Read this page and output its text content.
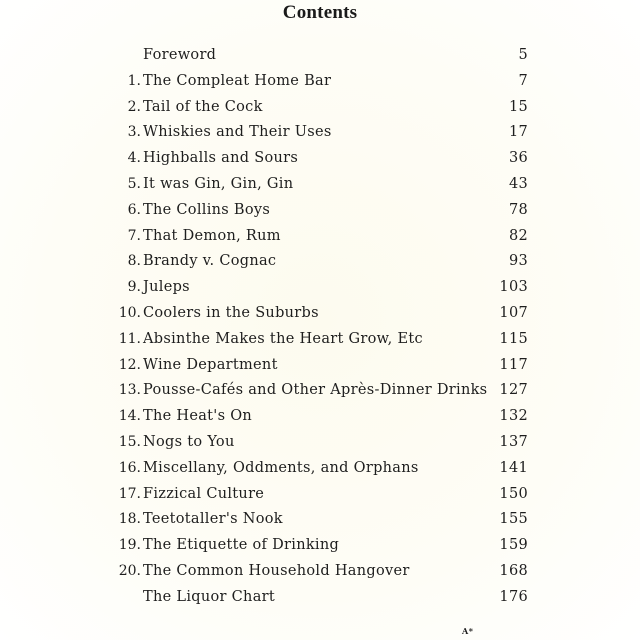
Contents
Foreword	5
1. The Compleat Home Bar	7
2. Tail of the Cock	15
3. Whiskies and Their Uses	17
4. Highballs and Sours	36
5. It was Gin, Gin, Gin	43
6. The Collins Boys	78
7. That Demon, Rum	82
8. Brandy v. Cognac	93
9. Juleps	103
10. Coolers in the Suburbs	107
11. Absinthe Makes the Heart Grow, Etc	115
12. Wine Department	117
13. Pousse-Cafés and Other Après-Dinner Drinks 127
14. The Heat's On	132
15. Nogs to You	137
16. Miscellany, Oddments, and Orphans	141
17. Fizzical Culture	150
18. Teetotaller's Nook	155
19. The Etiquette of Drinking	159
20. The Common Household Hangover	168
The Liquor Chart	176
A*
